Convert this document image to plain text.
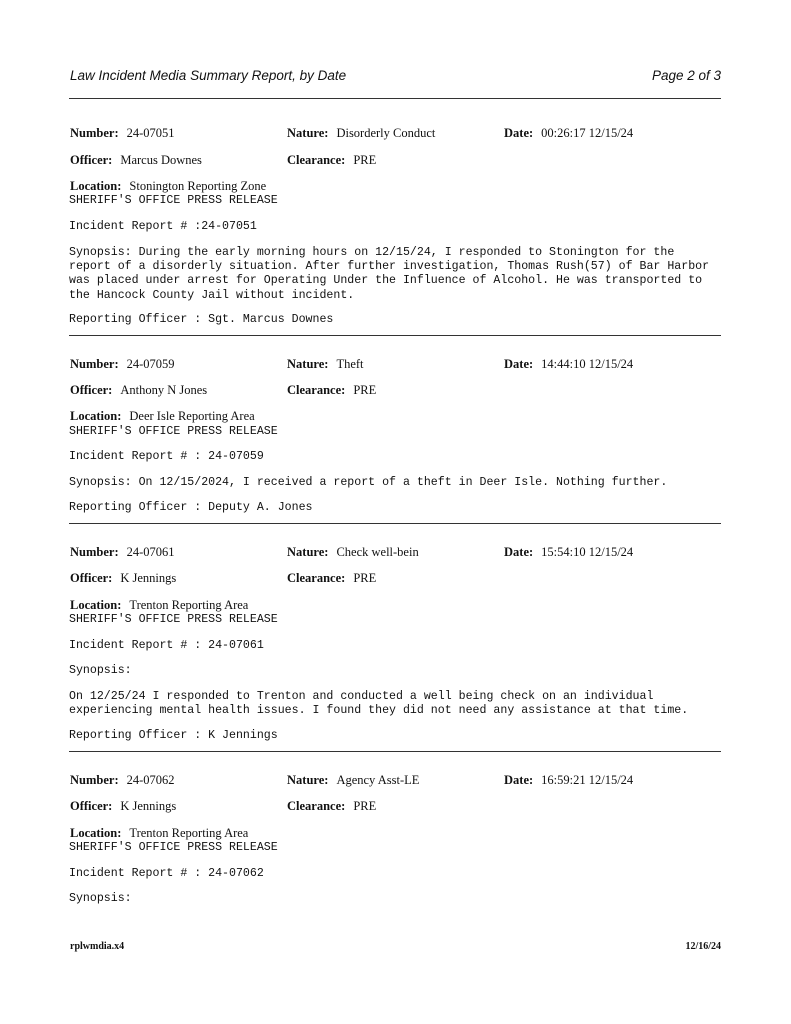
Law Incident Media Summary Report, by Date	Page 2 of 3
Number: 24-07051	Nature: Disorderly Conduct	Date: 00:26:17 12/15/24
Officer: Marcus Downes	Clearance: PRE
Location: Stonington Reporting Zone
SHERIFF'S OFFICE PRESS RELEASE
Incident Report # :24-07051
Synopsis: During the early morning hours on 12/15/24, I responded to Stonington for the
report of a disorderly situation. After further investigation, Thomas Rush(57) of Bar Harbor
was placed under arrest for Operating Under the Influence of Alcohol. He was transported to
the Hancock County Jail without incident.
Reporting Officer : Sgt. Marcus Downes
Number: 24-07059	Nature: Theft	Date: 14:44:10 12/15/24
Officer: Anthony N Jones	Clearance: PRE
Location: Deer Isle Reporting Area
SHERIFF'S OFFICE PRESS RELEASE
Incident Report # : 24-07059
Synopsis: On 12/15/2024, I received a report of a theft in Deer Isle. Nothing further.
Reporting Officer : Deputy A. Jones
Number: 24-07061	Nature: Check well-bein	Date: 15:54:10 12/15/24
Officer: K Jennings	Clearance: PRE
Location: Trenton Reporting Area
SHERIFF'S OFFICE PRESS RELEASE
Incident Report # : 24-07061
Synopsis:
On 12/25/24 I responded to Trenton and conducted a well being check on an individual
experiencing mental health issues. I found they did not need any assistance at that time.
Reporting Officer : K Jennings
Number: 24-07062	Nature: Agency Asst-LE	Date: 16:59:21 12/15/24
Officer: K Jennings	Clearance: PRE
Location: Trenton Reporting Area
SHERIFF'S OFFICE PRESS RELEASE
Incident Report # : 24-07062
Synopsis:
rplwmdia.x4	12/16/24
